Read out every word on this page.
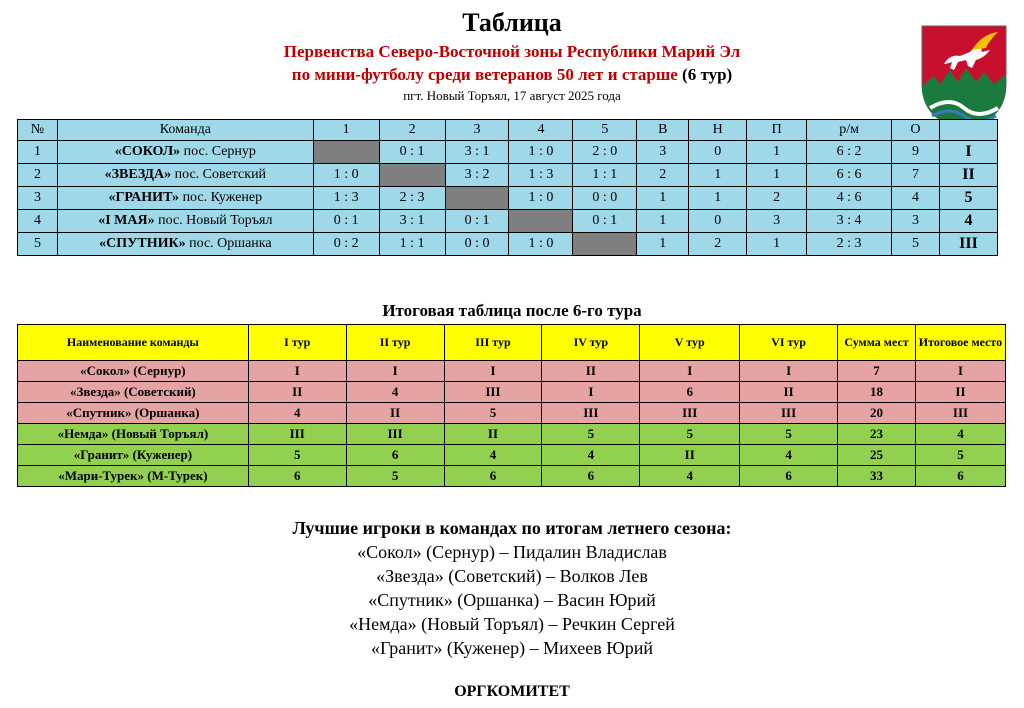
Таблица
Первенства Северо-Восточной зоны Республики Марий Эл
по мини-футболу среди ветеранов 50 лет и старше (6 тур)
пгт. Новый Торъял, 17 август 2025 года
№	Команда	1	2	3	4	5	В	Н	П	р/м	О	
1	«СОКОЛ» пос. Сернур		0 : 1	3 : 1	1 : 0	2 : 0	3	0	1	6 : 2	9	I
2	«ЗВЕЗДА» пос. Советский	1 : 0		3 : 2	1 : 3	1 : 1	2	1	1	6 : 6	7	II
3	«ГРАНИТ» пос. Куженер	1 : 3	2 : 3		1 : 0	0 : 0	1	1	2	4 : 6	4	5
4	«I МАЯ» пос. Новый Торъял	0 : 1	3 : 1	0 : 1		0 : 1	1	0	3	3 : 4	3	4
5	«СПУТНИК» пос. Оршанка	0 : 2	1 : 1	0 : 0	1 : 0		1	2	1	2 : 3	5	III
Итоговая таблица после 6-го тура
Наименование команды	I тур	II тур	III тур	IV тур	V тур	VI тур	Сумма мест	Итоговое место
«Сокол» (Сернур)	I	I	I	II	I	I	7	I
«Звезда» (Советский)	II	4	III	I	6	II	18	II
«Спутник» (Оршанка)	4	II	5	III	III	III	20	III
«Немда» (Новый Торъял)	III	III	II	5	5	5	23	4
«Гранит» (Куженер)	5	6	4	4	II	4	25	5
«Мари-Турек» (М-Турек)	6	5	6	6	4	6	33	6
Лучшие игроки в командах по итогам летнего сезона:
«Сокол» (Сернур) – Пидалин Владислав
«Звезда» (Советский) – Волков Лев
«Спутник» (Оршанка) – Васин Юрий
«Немда» (Новый Торъял) – Речкин Сергей
«Гранит» (Куженер) – Михеев Юрий
ОРГКОМИТЕТ
